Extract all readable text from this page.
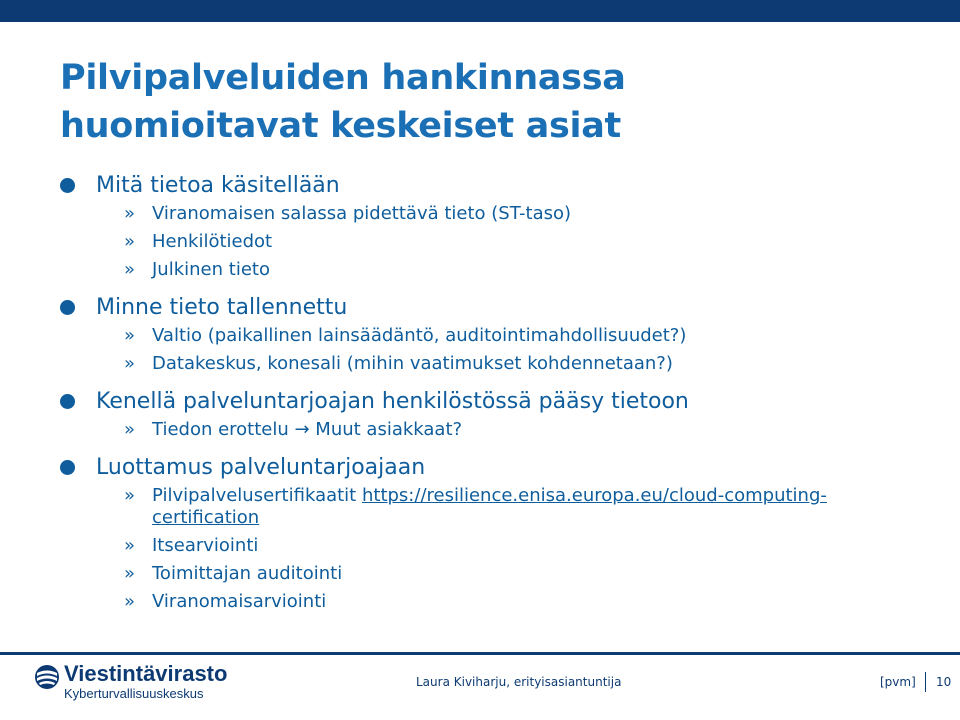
Pilvipalveluiden hankinnassa
huomioitavat keskeiset asiat
Mitä tietoa käsitellään
» Viranomaisen salassa pidettävä tieto (ST-taso)
» Henkilötiedot
» Julkinen tieto
Minne tieto tallennettu
» Valtio (paikallinen lainsäädäntö, auditointimahdollisuudet?)
» Datakeskus, konesali (mihin vaatimukset kohdennetaan?)
Kenellä palveluntarjoajan henkilöstössä pääsy tietoon
» Tiedon erottelu → Muut asiakkaat?
Luottamus palveluntarjoajaan
» Pilvipalvelusertifikaatit https://resilience.enisa.europa.eu/cloud-computing-certification
» Itsearviointi
» Toimittajan auditointi
» Viranomaisarviointi
Viestintävirasto
Kyberturvallisuuskeskus
Laura Kiviharju, erityisasiantuntija	[pvm] 10
